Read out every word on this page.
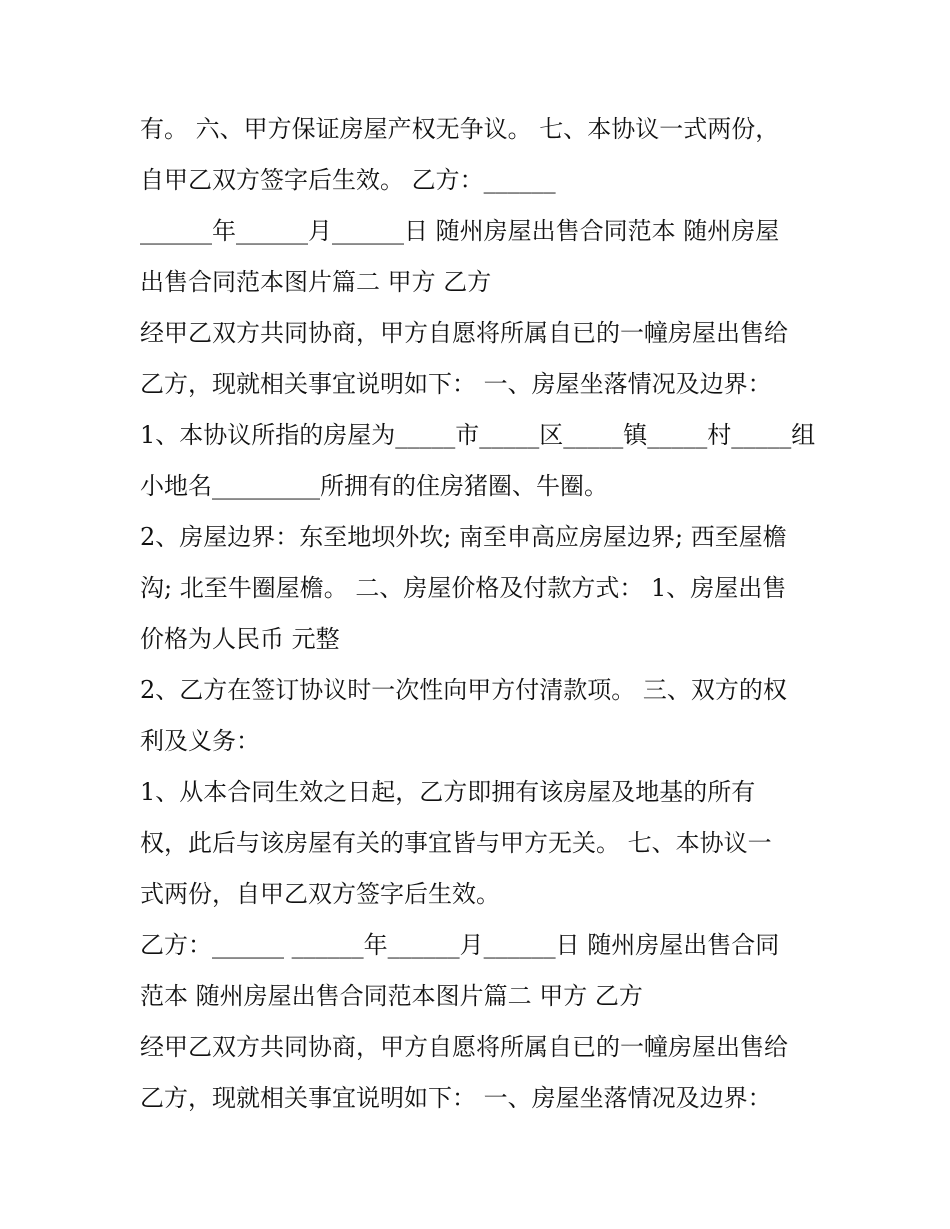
有。 六、甲方保证房屋产权无争议。 七、本协议一式两份，
自甲乙双方签字后生效。 乙方：______
______年______月______日 随州房屋出售合同范本 随州房屋
出售合同范本图片篇二 甲方 乙方
经甲乙双方共同协商，甲方自愿将所属自已的一幢房屋出售给
乙方，现就相关事宜说明如下： 一、房屋坐落情况及边界：
1、本协议所指的房屋为_____市_____区_____镇_____村_____组
小地名_________所拥有的住房猪圈、牛圈。
2、房屋边界：东至地坝外坎; 南至申高应房屋边界; 西至屋檐
沟; 北至牛圈屋檐。 二、房屋价格及付款方式： 1、房屋出售
价格为人民币 元整
2、乙方在签订协议时一次性向甲方付清款项。 三、双方的权
利及义务：
1、从本合同生效之日起，乙方即拥有该房屋及地基的所有
权，此后与该房屋有关的事宜皆与甲方无关。 七、本协议一
式两份，自甲乙双方签字后生效。
乙方：______ ______年______月______日 随州房屋出售合同
范本 随州房屋出售合同范本图片篇二 甲方 乙方
经甲乙双方共同协商，甲方自愿将所属自已的一幢房屋出售给
乙方，现就相关事宜说明如下： 一、房屋坐落情况及边界：
